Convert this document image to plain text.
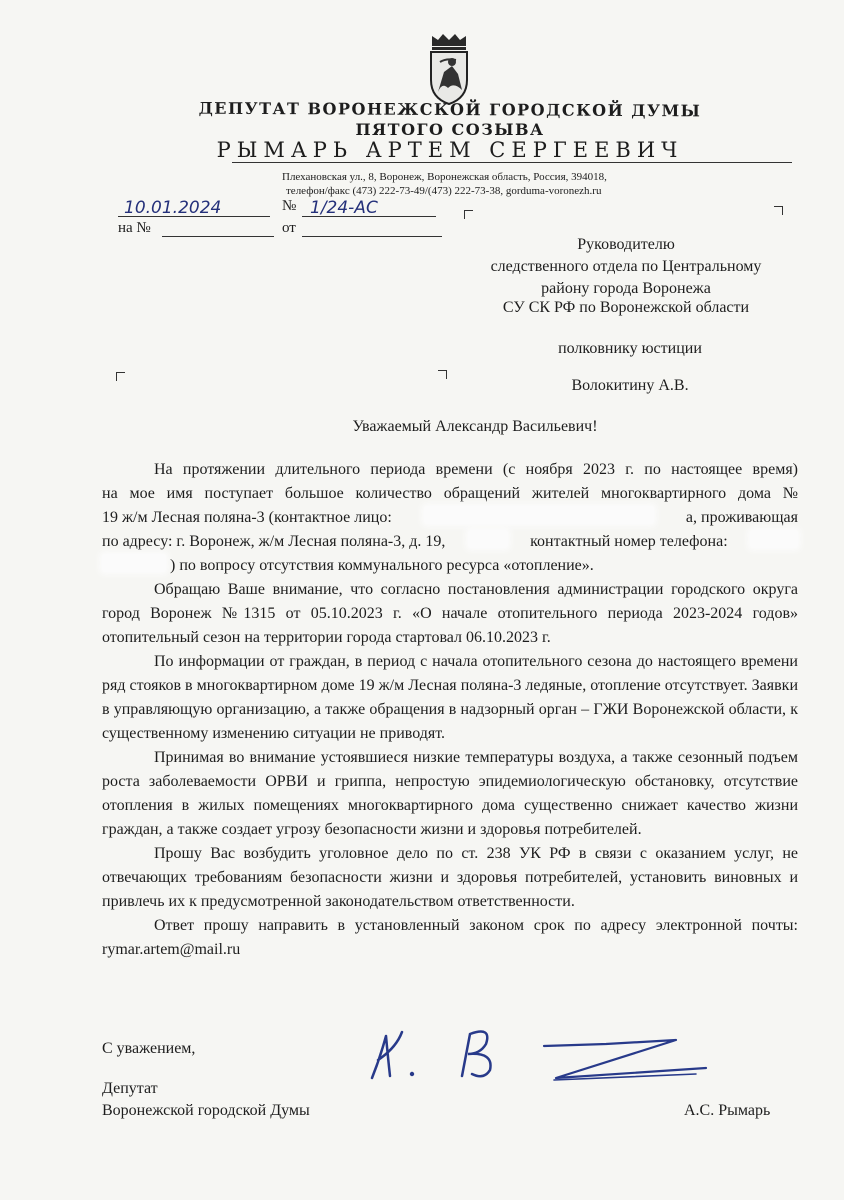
ДЕПУТАТ ВОРОНЕЖСКОЙ ГОРОДСКОЙ ДУМЫ
ПЯТОГО СОЗЫВА
РЫМАРЬ АРТЕМ СЕРГЕЕВИЧ
Плехановская ул., 8, Воронеж, Воронежская область, Россия, 394018,
телефон/факс (473) 222-73-49/(473) 222-73-38, gorduma-voronezh.ru
10.01.2024	№ 1/24-АС
на №	от
Руководителю
следственного отдела по Центральному
району города Воронежа
СУ СК РФ по Воронежской области
полковнику юстиции
Волокитину А.В.
Уважаемый Александр Васильевич!
На протяжении длительного периода времени (с ноября 2023 г. по настоящее время)
на мое имя поступает большое количество обращений жителей многоквартирного дома №
19 ж/м Лесная поляна-3 (контактное лицо:	а, проживающая
по адресу: г. Воронеж, ж/м Лесная поляна-3, д. 19,	контактный номер телефона:
) по вопросу отсутствия коммунального ресурса «отопление».

Обращаю Ваше внимание, что согласно постановления администрации городского округа город Воронеж №1315 от 05.10.2023 г. «О начале отопительного периода 2023-2024 годов» отопительный сезон на территории города стартовал 06.10.2023 г.

По информации от граждан, в период с начала отопительного сезона до настоящего времени ряд стояков в многоквартирном доме 19 ж/м Лесная поляна-3 ледяные, отопление отсутствует. Заявки в управляющую организацию, а также обращения в надзорный орган – ГЖИ Воронежской области, к существенному изменению ситуации не приводят.

Принимая во внимание устоявшиеся низкие температуры воздуха, а также сезонный подъем роста заболеваемости ОРВИ и гриппа, непростую эпидемиологическую обстановку, отсутствие отопления в жилых помещениях многоквартирного дома существенно снижает качество жизни граждан, а также создает угрозу безопасности жизни и здоровья потребителей.

Прошу Вас возбудить уголовное дело по ст. 238 УК РФ в связи с оказанием услуг, не отвечающих требованиям безопасности жизни и здоровья потребителей, установить виновных и привлечь их к предусмотренной законодательством ответственности.

Ответ прошу направить в установленный законом срок по адресу электронной почты: rymar.artem@mail.ru

С уважением,
Депутат
Воронежской городской Думы	А.С. Рымарь
